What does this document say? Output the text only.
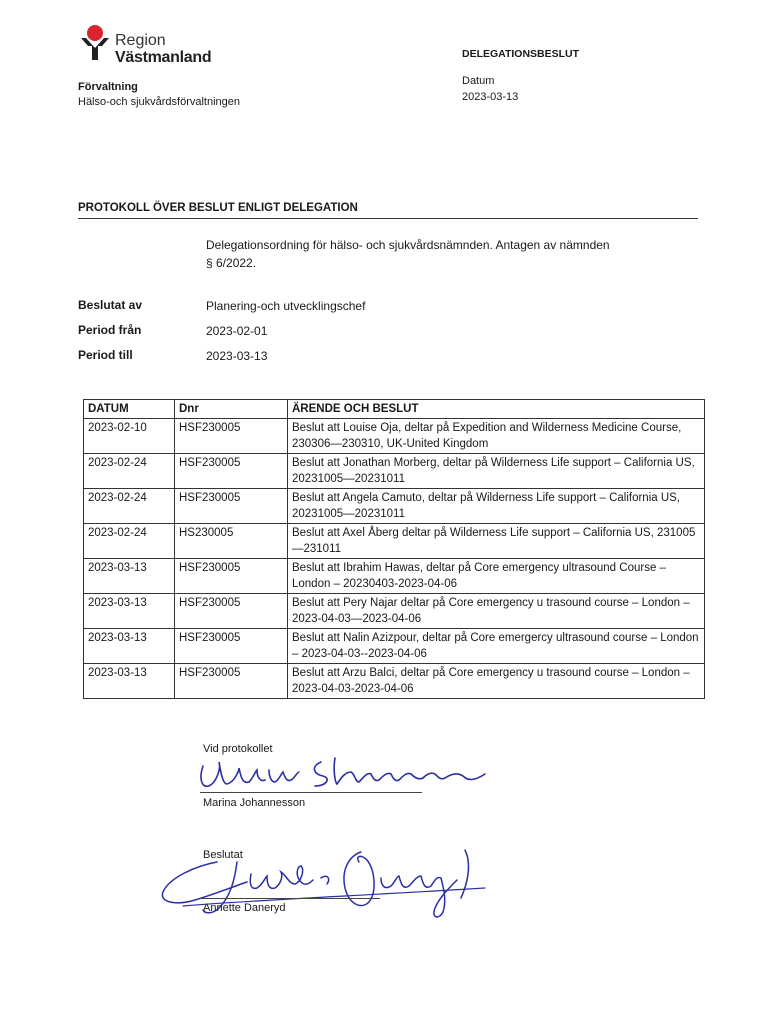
Region
Västmanland
Förvaltning
Hälso-och sjukvårdsförvaltningen
DELEGATIONSBESLUT
Datum
2023-03-13
PROTOKOLL ÖVER BESLUT ENLIGT DELEGATION
Delegationsordning för hälso- och sjukvårdsnämnden. Antagen av nämnden
§ 6/2022.
Beslutat av	Planering-och utvecklingschef
Period från	2023-02-01
Period till	2023-03-13
DATUM	Dnr	ÄRENDE OCH BESLUT
2023-02-10	HSF230005	Beslut att Louise Oja, deltar på Expedition and Wilderness Medicine Course, 230306—230310, UK-United Kingdom
2023-02-24	HSF230005	Beslut att Jonathan Morberg, deltar på Wilderness Life support – California US, 20231005—20231011
2023-02-24	HSF230005	Beslut att Angela Camuto, deltar på Wilderness Life support – California US, 20231005—20231011
2023-02-24	HS230005	Beslut att Axel Åberg deltar på Wilderness Life support – California US, 231005—231011
2023-03-13	HSF230005	Beslut att Ibrahim Hawas, deltar på Core emergency ultrasound Course – London – 20230403-2023-04-06
2023-03-13	HSF230005	Beslut att Pery Najar deltar på Core emergency u trasound course – London – 2023-04-03—2023-04-06
2023-03-13	HSF230005	Beslut att Nalin Azizpour, deltar på Core emergercy ultrasound course – London – 2023-04-03--2023-04-06
2023-03-13	HSF230005	Beslut att Arzu Balci, deltar på Core emergency u trasound course – London – 2023-04-03-2023-04-06
Vid protokollet
Marina Johannesson
Beslutat
Annette Daneryd
